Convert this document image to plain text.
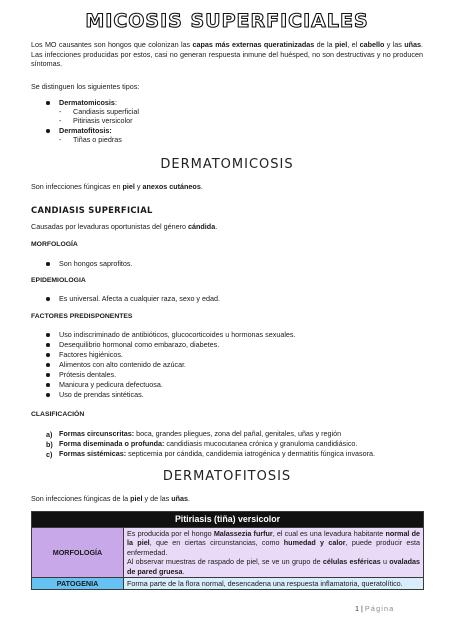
MICOSIS SUPERFICIALES
Los MO causantes son hongos que colonizan las capas más externas queratinizadas de la piel, el cabello y las uñas. Las infecciones producidas por estos, casi no generan respuesta inmune del huésped, no son destructivas y no producen síntomas.
Se distinguen los siguientes tipos:
Dermatomicosis:
- Candiasis superficial
- Pitiriasis versicolor
Dermatofitosis:
- Tiñas o piedras
DERMATOMICOSIS
Son infecciones fúngicas en piel y anexos cutáneos.
CANDIASIS SUPERFICIAL
Causadas por levaduras oportunistas del género cándida.
MORFOLOGÍA
Son hongos saprofitos.
EPIDEMIOLOGIA
Es universal. Afecta a cualquier raza, sexo y edad.
FACTORES PREDISPONENTES
Uso indiscriminado de antibióticos, glucocorticoides u hormonas sexuales.
Desequilibrio hormonal como embarazo, diabetes.
Factores higiénicos.
Alimentos con alto contenido de azúcar.
Prótesis dentales.
Manicura y pedicura defectuosa.
Uso de prendas sintéticas.
CLASIFICACIÓN
a) Formas circunscritas: boca, grandes pliegues, zona del pañal, genitales, uñas y región
b) Forma diseminada o profunda: candidiasis mucocutanea crónica y granuloma candidiásico.
c) Formas sistémicas: septicemia por cándida, candidemia iatrogénica y dermatitis fúngica invasora.
DERMATOFITOSIS
Son infecciones fúngicas de la piel y de las uñas.
Pitiriasis (tiña) versicolor	
MORFOLOGÍA	Es producida por el hongo Malassezia furfur, el cual es una levadura habitante normal de la piel, que en ciertas circunstancias, como humedad y calor, puede producir esta enfermedad.
Al observar muestras de raspado de piel, se ve un grupo de células esféricas u ovaladas de pared gruesa.

PATOGENIA	Forma parte de la flora normal, desencadena una respuesta inflamatoria, queratolítico.
1 | Página
